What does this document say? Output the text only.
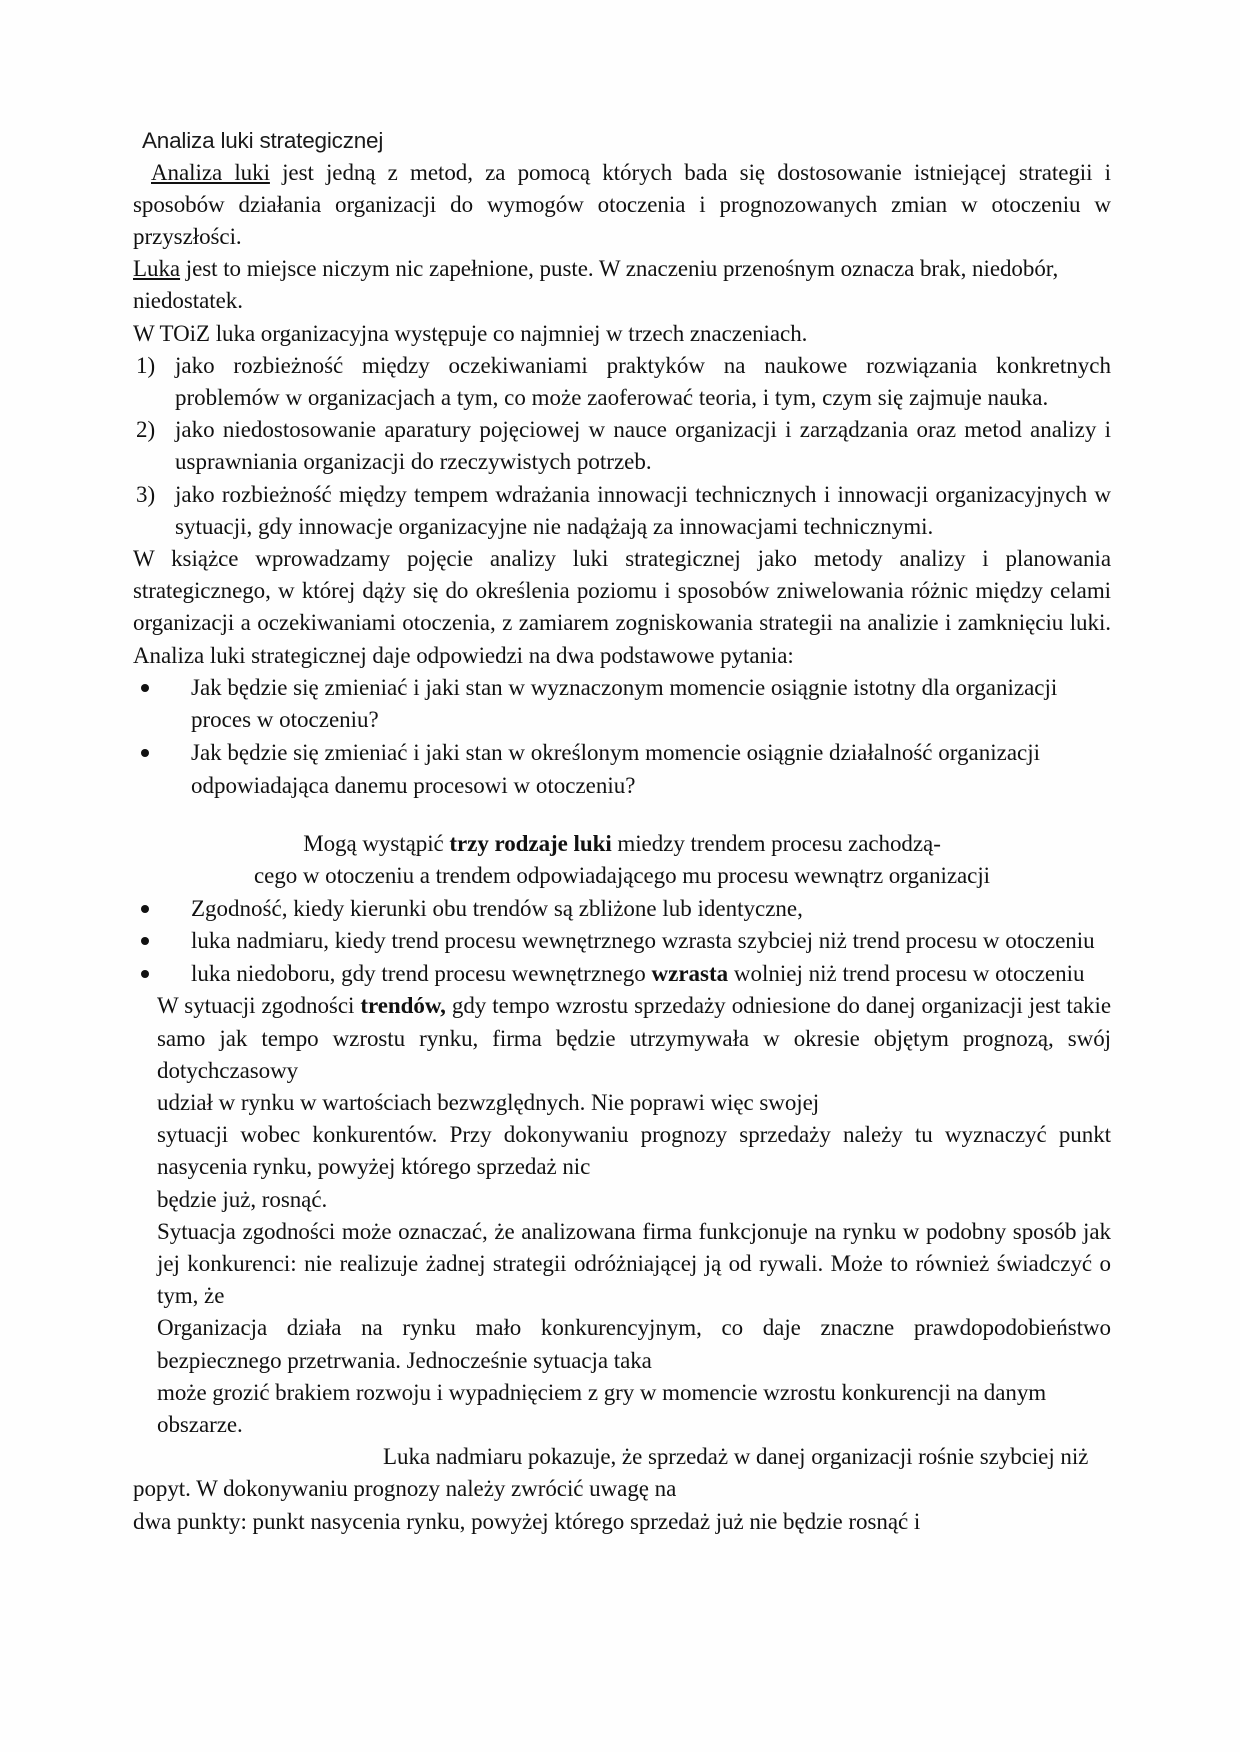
Analiza luki strategicznej

Analiza luki jest jedną z metod, za pomocą których bada się dostosowanie istniejącej strategii i sposobów działania organizacji do wymogów otoczenia i prognozowanych zmian w otoczeniu w przyszłości.

Luka jest to miejsce niczym nic zapełnione, puste. W znaczeniu przenośnym oznacza brak, niedobór, niedostatek.

W TOiZ luka organizacyjna występuje co najmniej w trzech znaczeniach.

1) jako rozbieżność między oczekiwaniami praktyków na naukowe rozwiązania konkretnych problemów w organizacjach a tym, co może zaoferować teoria, i tym, czym się zajmuje nauka.
2) jako niedostosowanie aparatury pojęciowej w nauce organizacji i zarządzania oraz metod analizy i usprawniania organizacji do rzeczywistych potrzeb.
3) jako rozbieżność między tempem wdrażania innowacji technicznych i innowacji organizacyjnych w sytuacji, gdy innowacje organizacyjne nie nadążają za innowacjami technicznymi.

W książce wprowadzamy pojęcie analizy luki strategicznej jako metody analizy i planowania strategicznego, w której dąży się do określenia poziomu i sposobów zniwelowania różnic między celami organizacji a oczekiwaniami otoczenia, z zamiarem zogniskowania strategii na analizie i zamknięciu luki. Analiza luki strategicznej daje odpowiedzi na dwa podstawowe pytania:

Jak będzie się zmieniać i jaki stan w wyznaczonym momencie osiągnie istotny dla organizacji proces w otoczeniu?
Jak będzie się zmieniać i jaki stan w określonym momencie osiągnie działalność organizacji odpowiadająca danemu procesowi w otoczeniu?

Mogą wystąpić trzy rodzaje luki miedzy trendem procesu zachodzą-

cego w otoczeniu a trendem odpowiadającego mu procesu wewnątrz organizacji

Zgodność, kiedy kierunki obu trendów są zbliżone lub identyczne,
luka nadmiaru, kiedy trend procesu wewnętrznego wzrasta szybciej niż trend procesu w otoczeniu
luka niedoboru, gdy trend procesu wewnętrznego wzrasta wolniej niż trend procesu w otoczeniu

W sytuacji zgodności trendów, gdy tempo wzrostu sprzedaży odniesione do danej organizacji jest takie samo jak tempo wzrostu rynku, firma będzie utrzymywała w okresie objętym prognozą, swój dotychczasowy

udział w rynku w wartościach bezwzględnych. Nie poprawi więc swojej

sytuacji wobec konkurentów. Przy dokonywaniu prognozy sprzedaży należy tu wyznaczyć punkt nasycenia rynku, powyżej którego sprzedaż nic

będzie już, rosnąć.

Sytuacja zgodności może oznaczać, że analizowana firma funkcjonuje na rynku w podobny sposób jak jej konkurenci: nie realizuje żadnej strategii odróżniającej ją od rywali. Może to również świadczyć o tym, że

Organizacja działa na rynku mało konkurencyjnym, co daje znaczne prawdopodobieństwo bezpiecznego przetrwania. Jednocześnie sytuacja taka

może grozić brakiem rozwoju i wypadnięciem z gry w momencie wzrostu konkurencji na danym obszarze.

Luka nadmiaru pokazuje, że sprzedaż w danej organizacji rośnie szybciej niż popyt. W dokonywaniu prognozy należy zwrócić uwagę na

dwa punkty: punkt nasycenia rynku, powyżej którego sprzedaż już nie będzie rosnąć i
